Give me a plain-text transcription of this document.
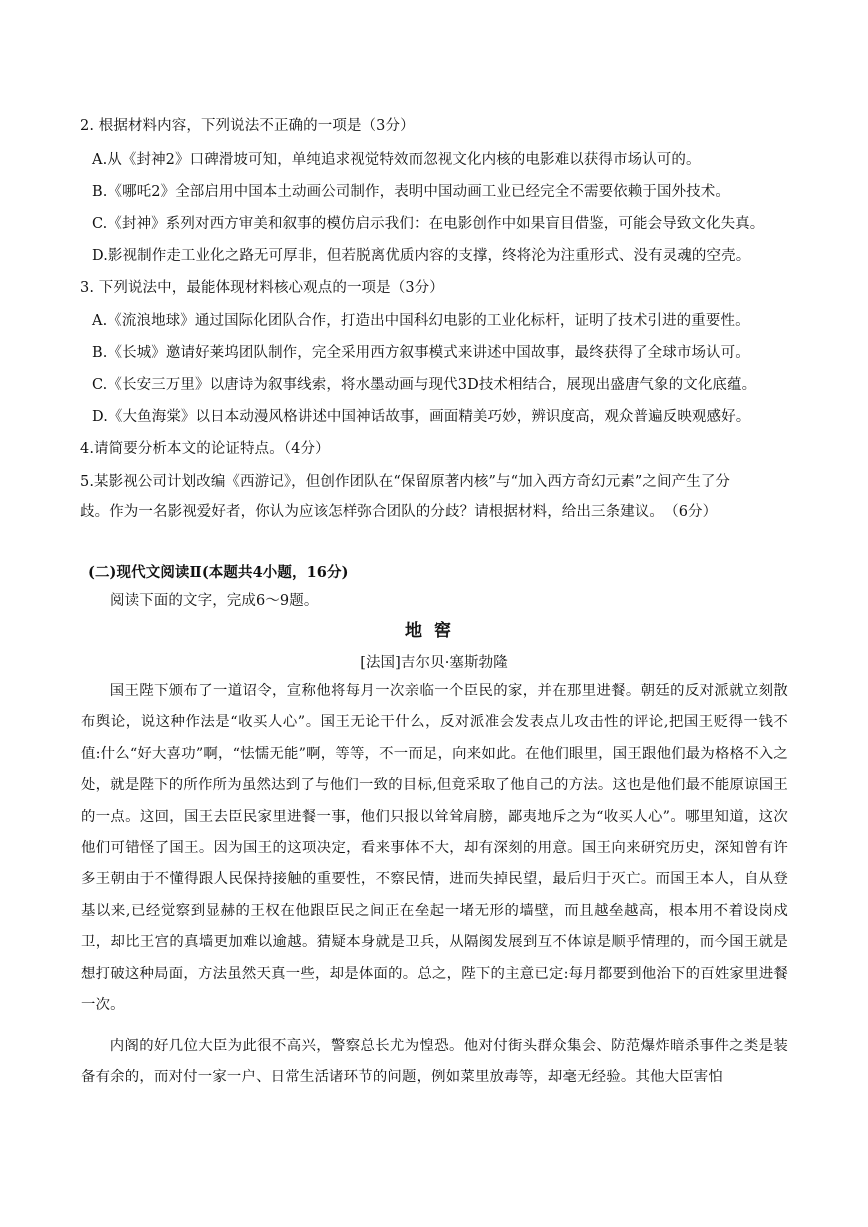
2. 根据材料内容，下列说法不正确的一项是（3分）
A.从《封神2》口碑滑坡可知，单纯追求视觉特效而忽视文化内核的电影难以获得市场认可的。
B.《哪吒2》全部启用中国本土动画公司制作，表明中国动画工业已经完全不需要依赖于国外技术。
C.《封神》系列对西方审美和叙事的模仿启示我们：在电影创作中如果盲目借鉴，可能会导致文化失真。
D.影视制作走工业化之路无可厚非，但若脱离优质内容的支撑，终将沦为注重形式、没有灵魂的空壳。
3. 下列说法中，最能体现材料核心观点的一项是（3分）
A.《流浪地球》通过国际化团队合作，打造出中国科幻电影的工业化标杆，证明了技术引进的重要性。
B.《长城》邀请好莱坞团队制作，完全采用西方叙事模式来讲述中国故事，最终获得了全球市场认可。
C.《长安三万里》以唐诗为叙事线索，将水墨动画与现代3D技术相结合，展现出盛唐气象的文化底蕴。
D.《大鱼海棠》以日本动漫风格讲述中国神话故事，画面精美巧妙，辨识度高，观众普遍反映观感好。
4.请简要分析本文的论证特点。（4分）
5.某影视公司计划改编《西游记》，但创作团队在“保留原著内核”与“加入西方奇幻元素”之间产生了分
歧。作为一名影视爱好者，你认为应该怎样弥合团队的分歧？请根据材料，给出三条建议。　（6分）
(二)现代文阅读Ⅱ(本题共4小题，16分)
阅读下面的文字，完成6～9题。
地窖
[法国]吉尔贝·塞斯勃隆

国王陛下颁布了一道诏令，宣称他将每月一次亲临一个臣民的家，并在那里进餐。朝廷的反对派就立刻散布舆论，说这种作法是“收买人心”。国王无论干什么，反对派准会发表点儿攻击性的评论,把国王贬得一钱不值:什么“好大喜功”啊，“怯懦无能”啊，等等，不一而足，向来如此。在他们眼里，国王跟他们最为格格不入之处，就是陛下的所作所为虽然达到了与他们一致的目标,但竟采取了他自己的方法。这也是他们最不能原谅国王的一点。这回，国王去臣民家里进餐一事，他们只报以耸耸肩膀，鄙夷地斥之为“收买人心”。哪里知道，这次他们可错怪了国王。因为国王的这项决定，看来事体不大，却有深刻的用意。国王向来研究历史，深知曾有许多王朝由于不懂得跟人民保持接触的重要性，不察民情，进而失掉民望，最后归于灭亡。而国王本人，自从登基以来,已经觉察到显赫的王权在他跟臣民之间正在垒起一堵无形的墙壁，而且越垒越高，根本用不着设岗戍卫，却比王宫的真墙更加难以逾越。猜疑本身就是卫兵，从隔阂发展到互不体谅是顺乎情理的，而今国王就是想打破这种局面，方法虽然天真一些，却是体面的。总之，陛下的主意已定:每月都要到他治下的百姓家里进餐一次。

内阁的好几位大臣为此很不高兴，警察总长尤为惶恐。他对付街头群众集会、防范爆炸暗杀事件之类是装备有余的，而对付一家一户、日常生活诸环节的问题，例如菜里放毒等，却毫无经验。其他大臣害怕
